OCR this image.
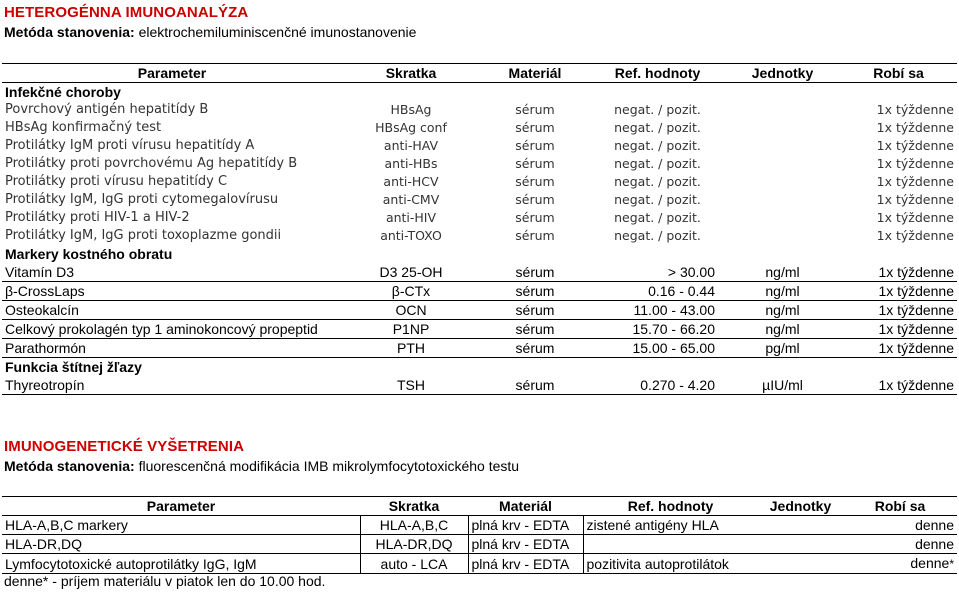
HETEROGÉNNA IMUNOANALÝZA
Metóda stanovenia: elektrochemiluminiscenčné imunostanovenie
Parameter	Skratka	Materiál	Ref. hodnoty	Jednotky	Robí sa
Infekčné choroby					
Povrchový antigén hepatitídy B	HBsAg	sérum	negat. / pozit.		1x týždenne
HBsAg konfirmačný test	HBsAg conf	sérum	negat. / pozit.		1x týždenne
Protilátky IgM proti vírusu hepatitídy A	anti-HAV	sérum	negat. / pozit.		1x týždenne
Protilátky proti povrchovému Ag hepatitídy B	anti-HBs	sérum	negat. / pozit.		1x týždenne
Protilátky proti vírusu hepatitídy C	anti-HCV	sérum	negat. / pozit.		1x týždenne
Protilátky IgM, IgG proti cytomegalovírusu	anti-CMV	sérum	negat. / pozit.		1x týždenne
Protilátky proti HIV-1 a HIV-2	anti-HIV	sérum	negat. / pozit.		1x týždenne
Protilátky IgM, IgG proti toxoplazme gondii	anti-TOXO	sérum	negat. / pozit.		1x týždenne
Markery kostného obratu					
Vitamín D3	D3 25-OH	sérum	> 30.00	ng/ml	1x týždenne
β-CrossLaps	β-CTx	sérum	0.16 - 0.44	ng/ml	1x týždenne
Osteokalcín	OCN	sérum	11.00 - 43.00	ng/ml	1x týždenne
Celkový prokolagén typ 1 aminokoncový propeptid	P1NP	sérum	15.70 - 66.20	ng/ml	1x týždenne
Parathormón	PTH	sérum	15.00 - 65.00	pg/ml	1x týždenne
Funkcia štítnej žľazy					
Thyreotropín	TSH	sérum	0.270 - 4.20	µIU/ml	1x týždenne
IMUNOGENETICKÉ VYŠETRENIA
Metóda stanovenia: fluorescenčná modifikácia IMB mikrolymfocytotoxického testu
Parameter	Skratka	Materiál	Ref. hodnoty	Jednotky	Robí sa
HLA-A,B,C markery	HLA-A,B,C	plná krv - EDTA	zistené antigény HLA		denne
HLA-DR,DQ	HLA-DR,DQ	plná krv - EDTA			denne
Lymfocytotoxické autoprotilátky IgG, IgM	auto - LCA	plná krv - EDTA	pozitivita autoprotilátok		denne*
denne* - príjem materiálu v piatok len do 10.00 hod.
